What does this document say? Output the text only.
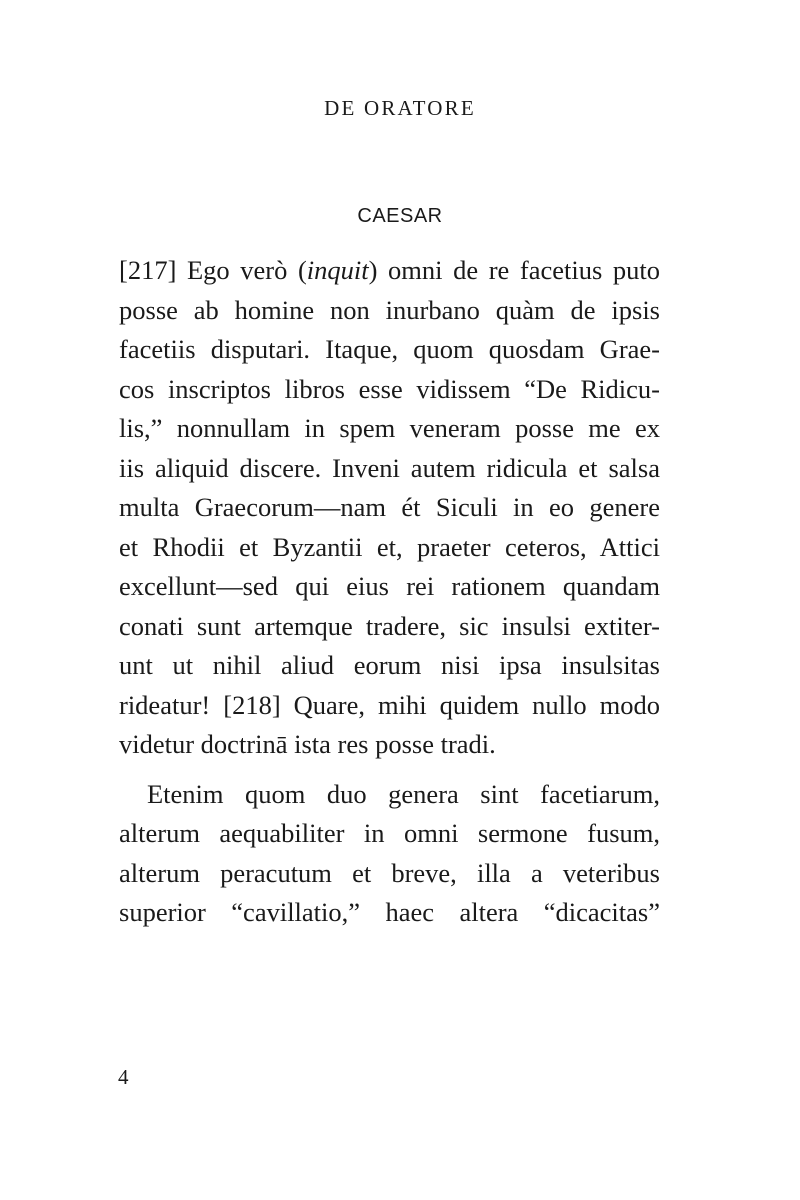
DE ORATORE
CAESAR
[217] Ego verò (inquit) omni de re facetius puto
posse ab homine non inurbano quàm de ipsis
facetiis disputari. Itaque, quom quosdam Grae-
cos inscriptos libros esse vidissem “De Ridicu-
lis,” nonnullam in spem veneram posse me ex
iis aliquid discere. Inveni autem ridicula et salsa
multa Graecorum—nam ét Siculi in eo genere
et Rhodii et Byzantii et, praeter ceteros, Attici
excellunt—sed qui eius rei rationem quandam
conati sunt artemque tradere, sic insulsi extiter-
unt ut nihil aliud eorum nisi ipsa insulsitas
rideatur! [218] Quare, mihi quidem nullo modo
videtur doctrinā ista res posse tradi.
Etenim quom duo genera sint facetiarum,
alterum aequabiliter in omni sermone fusum,
alterum peracutum et breve, illa a veteribus
superior “cavillatio,” haec altera “dicacitas”
4
